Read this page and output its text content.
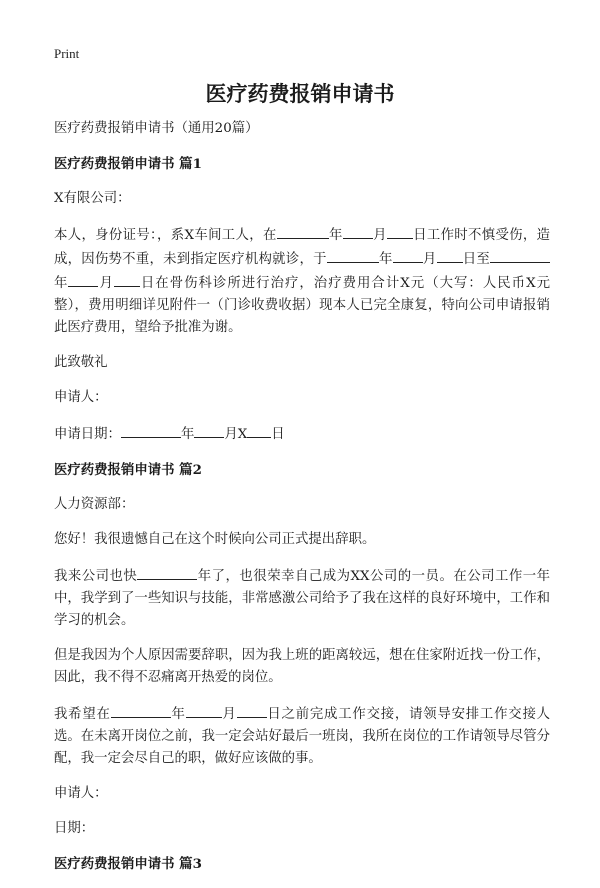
Print
医疗药费报销申请书

医疗药费报销申请书（通用20篇）

医疗药费报销申请书 篇1

X有限公司：

本人，身份证号：，系X车间工人，在	年 月 日工作时不慎受伤，造成，因伤势不重，未到指定医疗机构就诊，于	年 月 日至年 月 日在骨伤科诊所进行治疗，治疗费用合计X元（大写：人民币X元整），费用明细详见附件一（门诊收费收据）现本人已完全康复，特向公司申请报销此医疗费用，望给予批准为谢。

此致敬礼

申请人：

申请日期：	年 月X 日

医疗药费报销申请书 篇2

人力资源部：

您好！我很遗憾自己在这个时候向公司正式提出辞职。

我来公司也快	年了，也很荣幸自己成为XX公司的一员。在公司工作一年中，我学到了一些知识与技能，非常感激公司给予了我在这样的良好环境中，工作和学习的机会。

但是我因为个人原因需要辞职，因为我上班的距离较远，想在住家附近找一份工作，因此，我不得不忍痛离开热爱的岗位。

我希望在	年	月 日之前完成工作交接，请领导安排工作交接人选。在未离开岗位之前，我一定会站好最后一班岗，我所在岗位的工作请领导尽管分配，我一定会尽自己的职，做好应该做的事。

申请人：

日期：

医疗药费报销申请书 篇3
